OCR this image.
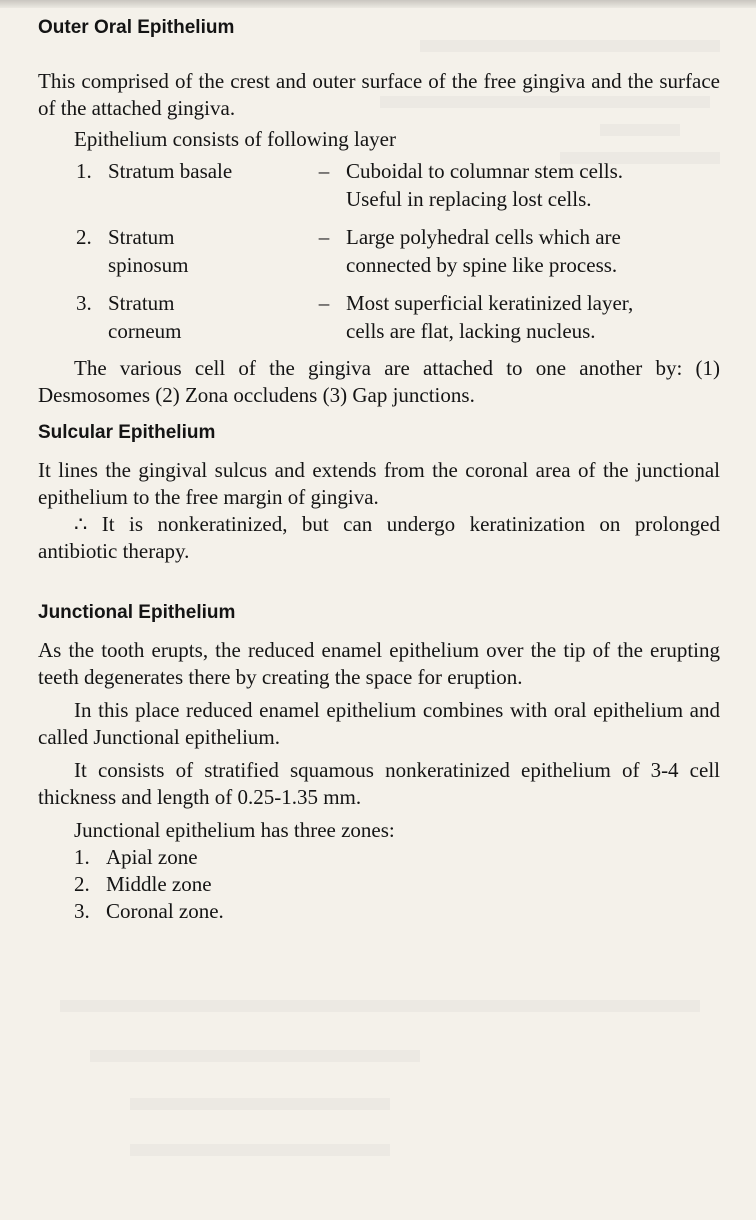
Outer Oral Epithelium

This comprised of the crest and outer surface of the free gingiva and the surface of the attached gingiva.

Epithelium consists of following layer

1. Stratum basale	– Cuboidal to columnar stem cells.
Useful in replacing lost cells.
2. Stratum
spinosum
– Large polyhedral cells which are
connected by spine like process.
3. Stratum
corneum
– Most superficial keratinized layer,
cells are flat, lacking nucleus.

The various cell of the gingiva are attached to one another by: (1) Desmosomes (2) Zona occludens (3) Gap junctions.

Sulcular Epithelium

It lines the gingival sulcus and extends from the coronal area of the junctional epithelium to the free margin of gingiva.

∴ It is nonkeratinized, but can undergo keratinization on prolonged antibiotic therapy.

Junctional Epithelium

As the tooth erupts, the reduced enamel epithelium over the tip of the erupting teeth degenerates there by creating the space for eruption.

In this place reduced enamel epithelium combines with oral epithelium and called Junctional epithelium.

It consists of stratified squamous nonkeratinized epithelium of 3-4 cell thickness and length of 0.25-1.35 mm.

Junctional epithelium has three zones:

1. Apial zone
2. Middle zone
3. Coronal zone.
